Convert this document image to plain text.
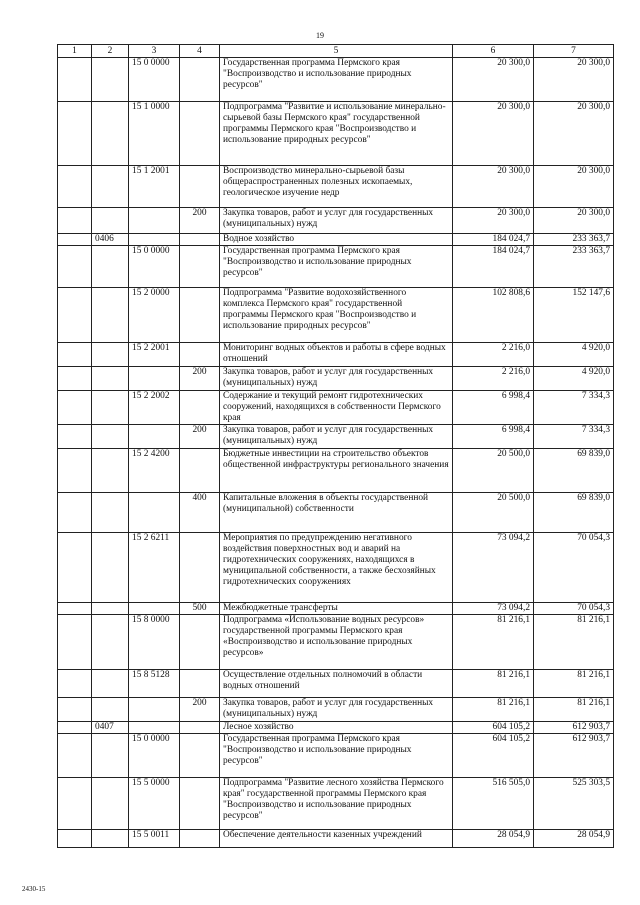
19
1	2	3	4	5	6	7
		15 0 0000		Государственная программа Пермского края "Воспроизводство и использование природных ресурсов"	20 300,0	20 300,0
		15 1 0000		Подпрограмма "Развитие и использование минерально-сырьевой базы Пермского края" государственной программы Пермского края "Воспроизводство и использование природных ресурсов"	20 300,0	20 300,0
		15 1 2001		Воспроизводство минерально-сырьевой базы общераспространенных полезных ископаемых, геологическое изучение недр	20 300,0	20 300,0
			200	Закупка товаров, работ и услуг для государственных (муниципальных) нужд	20 300,0	20 300,0
	0406			Водное хозяйство	184 024,7	233 363,7
		15 0 0000		Государственная программа Пермского края "Воспроизводство и использование природных ресурсов"	184 024,7	233 363,7
		15 2 0000		Подпрограмма "Развитие водохозяйственного комплекса Пермского края" государственной программы Пермского края "Воспроизводство и использование природных ресурсов"	102 808,6	152 147,6
		15 2 2001		Мониторинг водных объектов и работы в сфере водных отношений	2 216,0	4 920,0
			200	Закупка товаров, работ и услуг для государственных (муниципальных) нужд	2 216,0	4 920,0
		15 2 2002		Содержание и текущий ремонт гидротехнических сооружений, находящихся в собственности Пермского края	6 998,4	7 334,3
			200	Закупка товаров, работ и услуг для государственных (муниципальных) нужд	6 998,4	7 334,3
		15 2 4200		Бюджетные инвестиции на строительство объектов общественной инфраструктуры регионального значения	20 500,0	69 839,0
			400	Капитальные вложения в объекты государственной (муниципальной) собственности	20 500,0	69 839,0
		15 2 6211		Мероприятия по предупреждению негативного воздействия поверхностных вод и аварий на гидротехнических сооружениях, находящихся в муниципальной собственности, а также бесхозяйных гидротехнических сооружениях	73 094,2	70 054,3
			500	Межбюджетные трансферты	73 094,2	70 054,3
		15 8 0000		Подпрограмма «Использование водных ресурсов» государственной программы Пермского края «Воспроизводство и использование природных ресурсов»	81 216,1	81 216,1
		15 8 5128		Осуществление отдельных полномочий в области водных отношений	81 216,1	81 216,1
			200	Закупка товаров, работ и услуг для государственных (муниципальных) нужд	81 216,1	81 216,1
	0407			Лесное хозяйство	604 105,2	612 903,7
		15 0 0000		Государственная программа Пермского края "Воспроизводство и использование природных ресурсов"	604 105,2	612 903,7
		15 5 0000		Подпрограмма "Развитие лесного хозяйства Пермского края" государственной программы Пермского края "Воспроизводство и использование природных ресурсов"	516 505,0	525 303,5
		15 5 0011		Обеспечение деятельности казенных учреждений	28 054,9	28 054,9
2430-15
